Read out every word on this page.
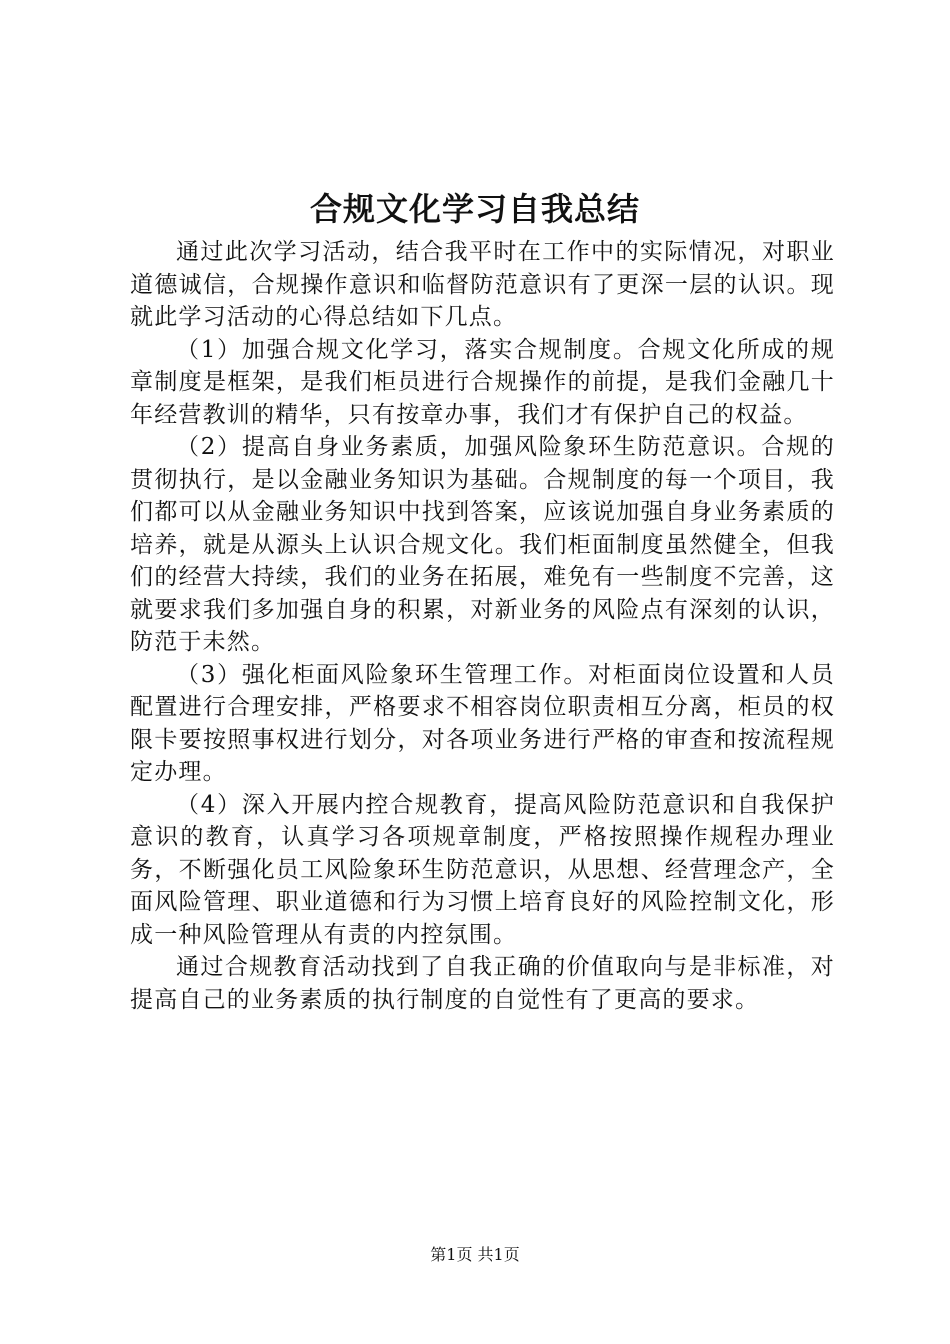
合规文化学习自我总结

通过此次学习活动，结合我平时在工作中的实际情况，对职业道德诚信，合规操作意识和临督防范意识有了更深一层的认识。现就此学习活动的心得总结如下几点。

（1）加强合规文化学习，落实合规制度。合规文化所成的规章制度是框架，是我们柜员进行合规操作的前提，是我们金融几十年经营教训的精华，只有按章办事，我们才有保护自己的权益。

（2）提高自身业务素质，加强风险象环生防范意识。合规的贯彻执行，是以金融业务知识为基础。合规制度的每一个项目，我们都可以从金融业务知识中找到答案，应该说加强自身业务素质的培养，就是从源头上认识合规文化。我们柜面制度虽然健全，但我们的经营大持续，我们的业务在拓展，难免有一些制度不完善，这就要求我们多加强自身的积累，对新业务的风险点有深刻的认识，防范于未然。

（3）强化柜面风险象环生管理工作。对柜面岗位设置和人员配置进行合理安排，严格要求不相容岗位职责相互分离，柜员的权限卡要按照事权进行划分，对各项业务进行严格的审查和按流程规定办理。

（4）深入开展内控合规教育，提高风险防范意识和自我保护意识的教育，认真学习各项规章制度，严格按照操作规程办理业务，不断强化员工风险象环生防范意识，从思想、经营理念产，全面风险管理、职业道德和行为习惯上培育良好的风险控制文化，形成一种风险管理从有责的内控氛围。

通过合规教育活动找到了自我正确的价值取向与是非标准，对提高自己的业务素质的执行制度的自觉性有了更高的要求。

第1页 共1页
